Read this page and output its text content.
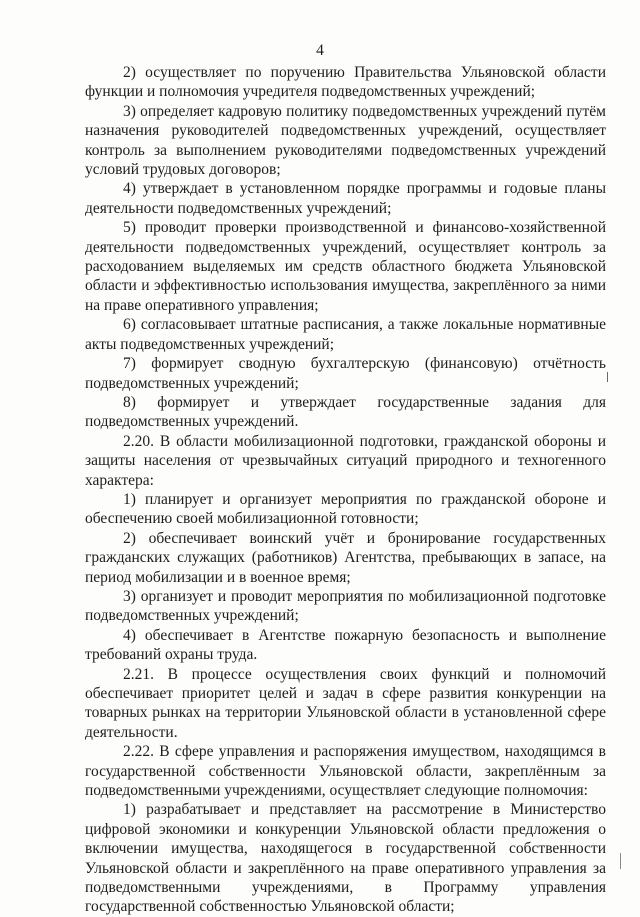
4

2) осуществляет по поручению Правительства Ульяновской области функции и полномочия учредителя подведомственных учреждений;

3) определяет кадровую политику подведомственных учреждений путём назначения руководителей подведомственных учреждений, осуществляет контроль за выполнением руководителями подведомственных учреждений условий трудовых договоров;

4) утверждает в установленном порядке программы и годовые планы деятельности подведомственных учреждений;

5) проводит проверки производственной и финансово-хозяйственной деятельности подведомственных учреждений, осуществляет контроль за расходованием выделяемых им средств областного бюджета Ульяновской области и эффективностью использования имущества, закреплённого за ними на праве оперативного управления;

6) согласовывает штатные расписания, а также локальные нормативные акты подведомственных учреждений;

7) формирует сводную бухгалтерскую (финансовую) отчётность подведомственных учреждений;

8) формирует и утверждает государственные задания для подведомственных учреждений.

2.20. В области мобилизационной подготовки, гражданской обороны и защиты населения от чрезвычайных ситуаций природного и техногенного характера:

1) планирует и организует мероприятия по гражданской обороне и обеспечению своей мобилизационной готовности;

2) обеспечивает воинский учёт и бронирование государственных гражданских служащих (работников) Агентства, пребывающих в запасе, на период мобилизации и в военное время;

3) организует и проводит мероприятия по мобилизационной подготовке подведомственных учреждений;

4) обеспечивает в Агентстве пожарную безопасность и выполнение требований охраны труда.

2.21. В процессе осуществления своих функций и полномочий обеспечивает приоритет целей и задач в сфере развития конкуренции на товарных рынках на территории Ульяновской области в установленной сфере деятельности.

2.22. В сфере управления и распоряжения имуществом, находящимся в государственной собственности Ульяновской области, закреплённым за подведомственными учреждениями, осуществляет следующие полномочия:

1) разрабатывает и представляет на рассмотрение в Министерство цифровой экономики и конкуренции Ульяновской области предложения о включении имущества, находящегося в государственной собственности Ульяновской области и закреплённого на праве оперативного управления за подведомственными учреждениями, в Программу управления государственной собственностью Ульяновской области;
